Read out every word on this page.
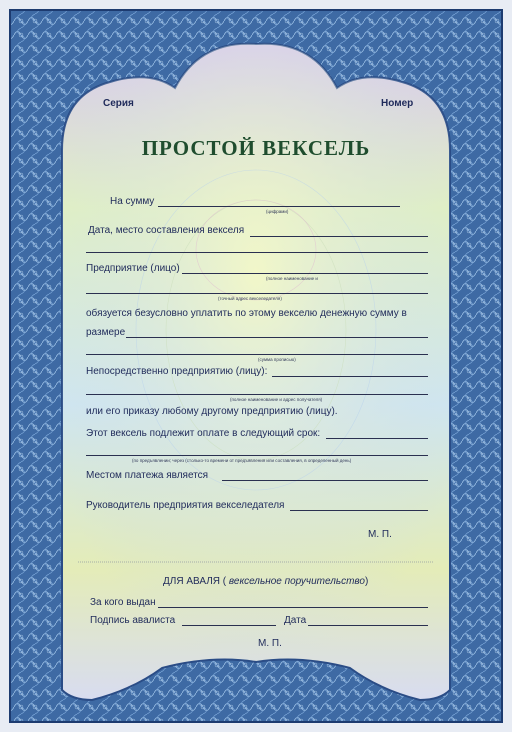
Серия	Номер
ПРОСТОЙ ВЕКСЕЛЬ
На сумму
(цифрами)
Дата, место составления векселя
Предприятие (лицо)
(полное наименование и
(точный адрес векселедателя)
обязуется безусловно уплатить по этому векселю денежную сумму в
размере
(сумма прописью)
Непосредственно предприятию (лицу):
(полное наименование и адрес получателя)
или его приказу любому другому предприятию (лицу).
Этот вексель подлежит оплате в следующий срок:
(по предъявлении; через (столько-то времени от предъявления или составления, в определенный день)
Местом платежа является
Руководитель предприятия векселедателя
М. П.
ДЛЯ АВАЛЯ ( вексельное поручительство)
За кого выдан
Подпись авалиста	Дата
М. П.
